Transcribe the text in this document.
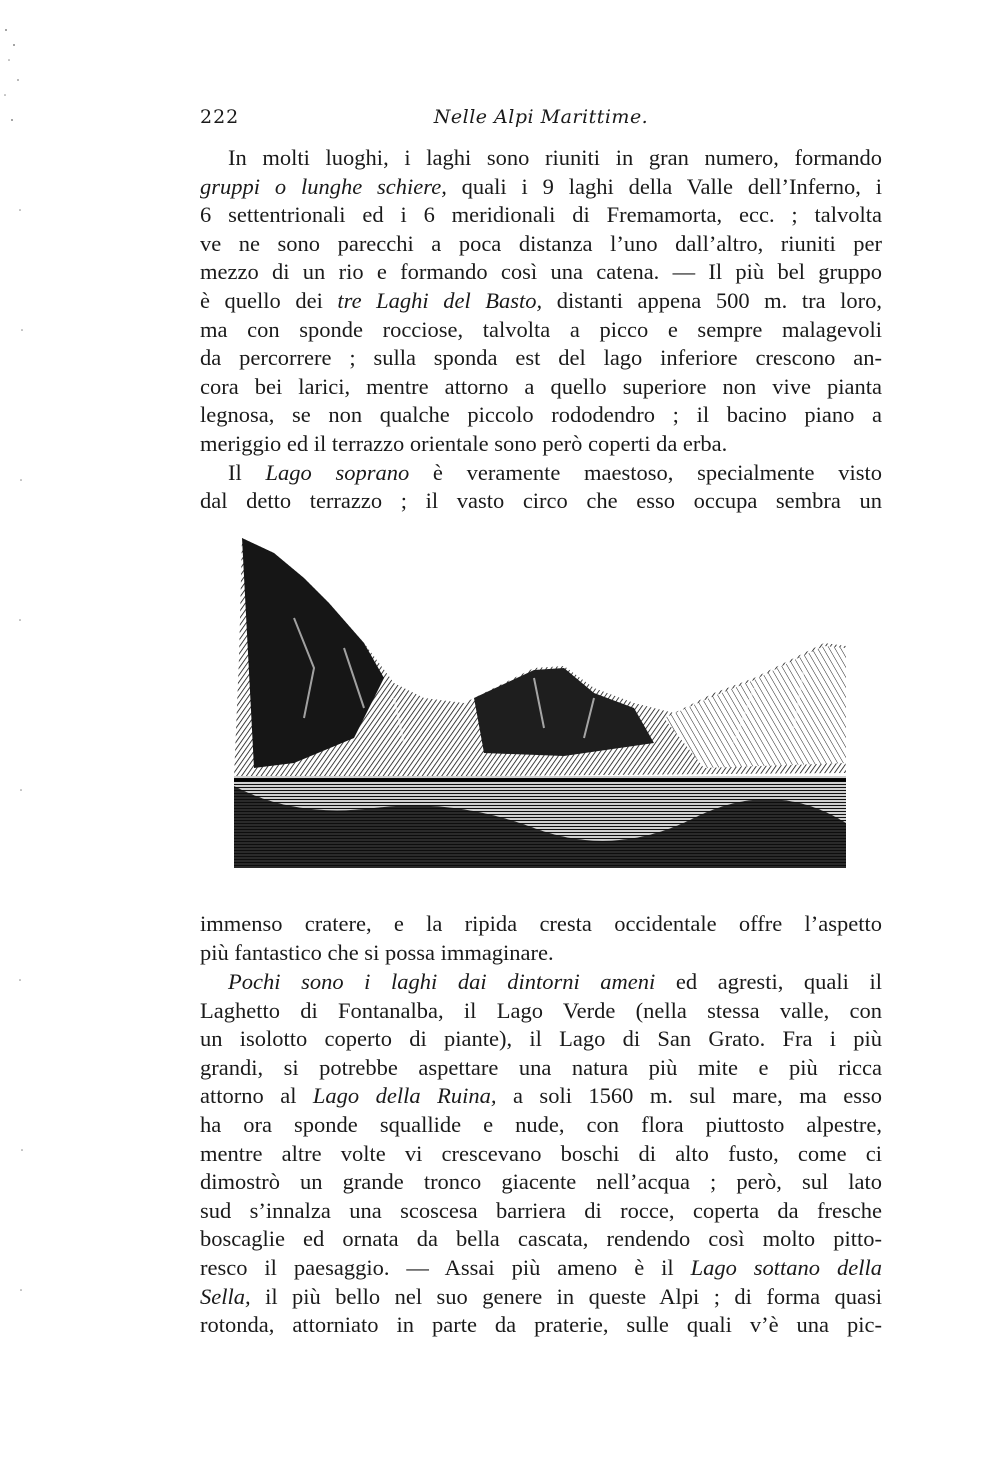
222	Nelle Alpi Marittime.
In molti luoghi, i laghi sono riuniti in gran numero, formando
gruppi o lunghe schiere, quali i 9 laghi della Valle dell’Inferno, i
6 settentrionali ed i 6 meridionali di Fremamorta, ecc. ; talvolta
ve ne sono parecchi a poca distanza l’uno dall’altro, riuniti per
mezzo di un rio e formando così una catena. — Il più bel gruppo
è quello dei tre Laghi del Basto, distanti appena 500 m. tra loro,
ma con sponde rocciose, talvolta a picco e sempre malagevoli
da percorrere ; sulla sponda est del lago inferiore crescono an-
cora bei larici, mentre attorno a quello superiore non vive pianta
legnosa, se non qualche piccolo rododendro ; il bacino piano a
meriggio ed il terrazzo orientale sono però coperti da erba.
Il Lago soprano è veramente maestoso, specialmente visto
dal detto terrazzo ; il vasto circo che esso occupa sembra un
immenso cratere, e la ripida cresta occidentale offre l’aspetto
più fantastico che si possa immaginare.
Pochi sono i laghi dai dintorni ameni ed agresti, quali il
Laghetto di Fontanalba, il Lago Verde (nella stessa valle, con
un isolotto coperto di piante), il Lago di San Grato. Fra i più
grandi, si potrebbe aspettare una natura più mite e più ricca
attorno al Lago della Ruina, a soli 1560 m. sul mare, ma esso
ha ora sponde squallide e nude, con flora piuttosto alpestre,
mentre altre volte vi crescevano boschi di alto fusto, come ci
dimostrò un grande tronco giacente nell’acqua ; però, sul lato
sud s’innalza una scoscesa barriera di rocce, coperta da fresche
boscaglie ed ornata da bella cascata, rendendo così molto pitto-
resco il paesaggio. — Assai più ameno è il Lago sottano della
Sella, il più bello nel suo genere in queste Alpi ; di forma quasi
rotonda, attorniato in parte da praterie, sulle quali v’è una pic-
